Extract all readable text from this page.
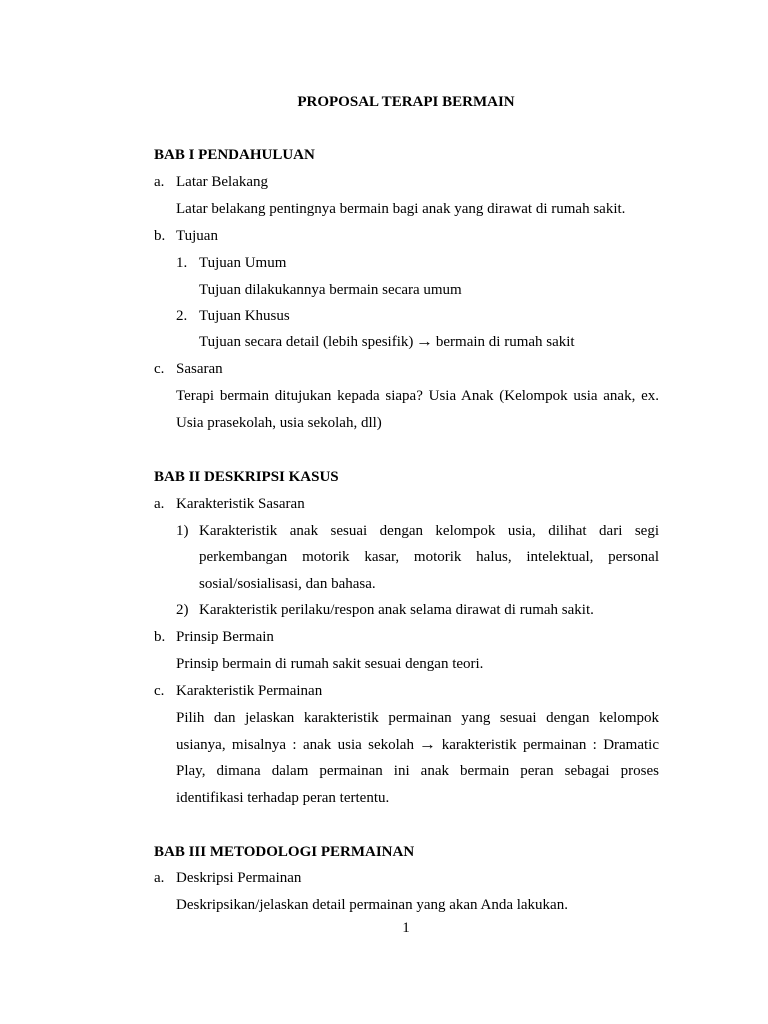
PROPOSAL TERAPI BERMAIN
BAB I PENDAHULUAN
a. Latar Belakang
Latar belakang pentingnya bermain bagi anak yang dirawat di rumah sakit.
b. Tujuan
1. Tujuan Umum
Tujuan dilakukannya bermain secara umum
2. Tujuan Khusus
Tujuan secara detail (lebih spesifik) → bermain di rumah sakit
c. Sasaran
Terapi bermain ditujukan kepada siapa? Usia Anak (Kelompok usia anak, ex.
Usia prasekolah, usia sekolah, dll)
BAB II DESKRIPSI KASUS
a. Karakteristik Sasaran
1) Karakteristik anak sesuai dengan kelompok usia, dilihat dari segi
perkembangan motorik kasar, motorik halus, intelektual, personal
sosial/sosialisasi, dan bahasa.
2) Karakteristik perilaku/respon anak selama dirawat di rumah sakit.
b. Prinsip Bermain
Prinsip bermain di rumah sakit sesuai dengan teori.
c. Karakteristik Permainan
Pilih dan jelaskan karakteristik permainan yang sesuai dengan kelompok
usianya, misalnya : anak usia sekolah → karakteristik permainan : Dramatic
Play, dimana dalam permainan ini anak bermain peran sebagai proses
identifikasi terhadap peran tertentu.
BAB III METODOLOGI PERMAINAN
a. Deskripsi Permainan
Deskripsikan/jelaskan detail permainan yang akan Anda lakukan.
1
